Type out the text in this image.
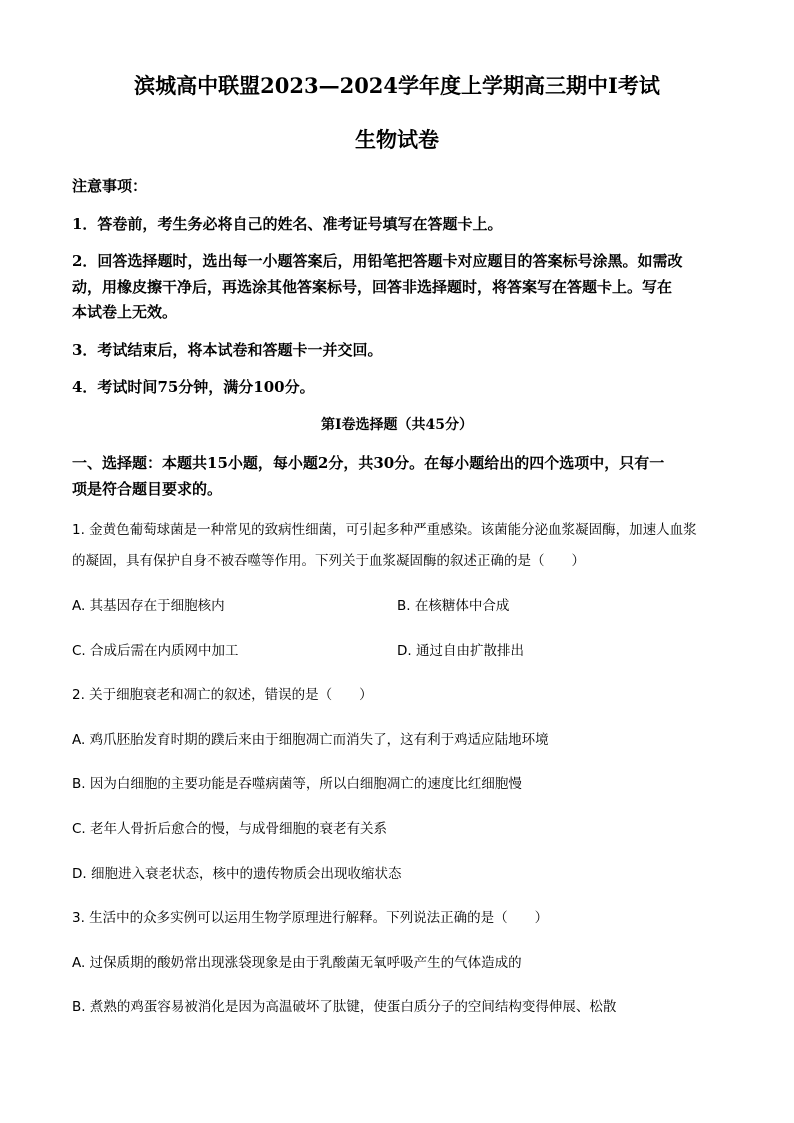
滨城高中联盟2023—2024学年度上学期高三期中Ⅰ考试
生物试卷
注意事项：
1．答卷前，考生务必将自己的姓名、准考证号填写在答题卡上。
2．回答选择题时，选出每一小题答案后，用铅笔把答题卡对应题目的答案标号涂黑。如需改
动，用橡皮擦干净后，再选涂其他答案标号，回答非选择题时，将答案写在答题卡上。写在
本试卷上无效。
3．考试结束后，将本试卷和答题卡一并交回。
4．考试时间75分钟，满分100分。
第Ⅰ卷选择题（共45分）
一、选择题：本题共15小题，每小题2分，共30分。在每小题给出的四个选项中，只有一
项是符合题目要求的。
1. 金黄色葡萄球菌是一种常见的致病性细菌，可引起多种严重感染。该菌能分泌血浆凝固酶，加速人血浆
的凝固，具有保护自身不被吞噬等作用。下列关于血浆凝固酶的叙述正确的是（　　）
A. 其基因存在于细胞核内	B. 在核糖体中合成
C. 合成后需在内质网中加工	D. 通过自由扩散排出
2. 关于细胞衰老和凋亡的叙述，错误的是（　　）
A. 鸡爪胚胎发育时期的蹼后来由于细胞凋亡而消失了，这有利于鸡适应陆地环境
B. 因为白细胞的主要功能是吞噬病菌等，所以白细胞凋亡的速度比红细胞慢
C. 老年人骨折后愈合的慢，与成骨细胞的衰老有关系
D. 细胞进入衰老状态，核中的遗传物质会出现收缩状态
3. 生活中的众多实例可以运用生物学原理进行解释。下列说法正确的是（　　）
A. 过保质期的酸奶常出现涨袋现象是由于乳酸菌无氧呼吸产生的气体造成的
B. 煮熟的鸡蛋容易被消化是因为高温破坏了肽键，使蛋白质分子的空间结构变得伸展、松散
